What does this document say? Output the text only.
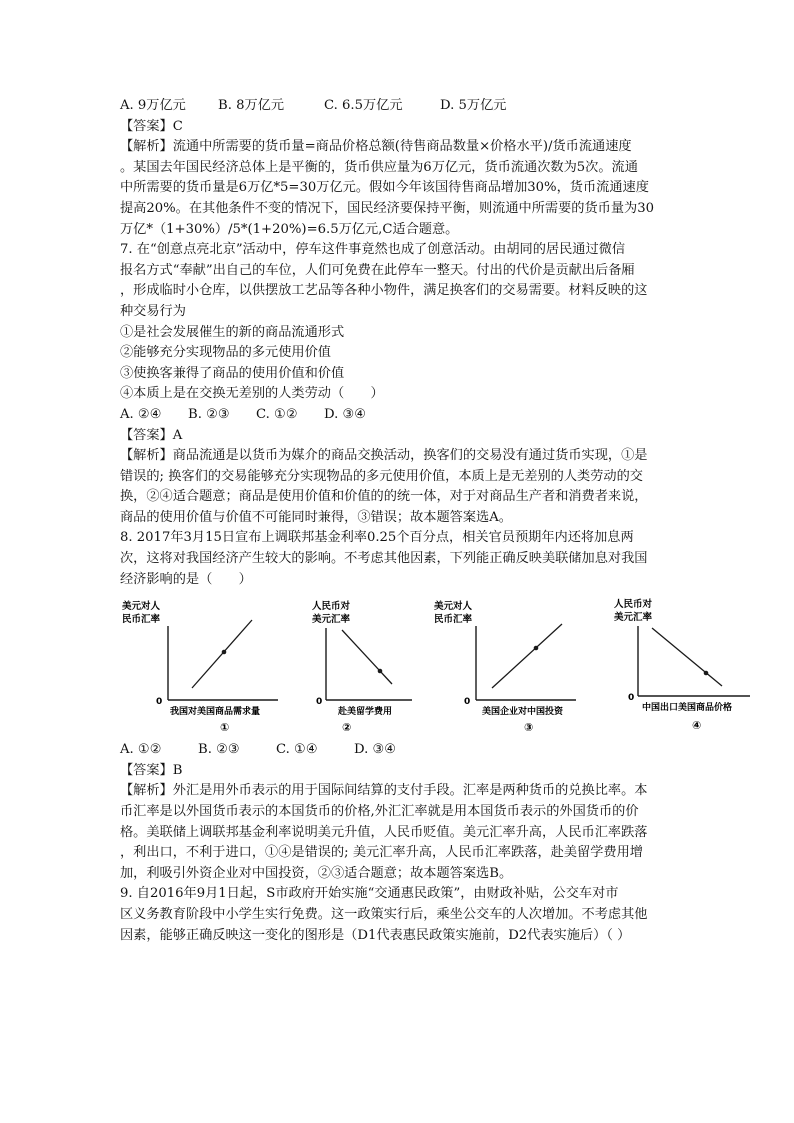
A. 9万亿元 B. 8万亿元	C. 6.5万亿元	D. 5万亿元
【答案】C
【解析】流通中所需要的货币量=商品价格总额(待售商品数量×价格水平)/货币流通速度
。某国去年国民经济总体上是平衡的，货币供应量为6万亿元，货币流通次数为5次。流通
中所需要的货币量是6万亿*5=30万亿元。假如今年该国待售商品增加30%，货币流通速度
提高20%。在其他条件不变的情况下，国民经济要保持平衡，则流通中所需要的货币量为30
万亿*（1+30%）/5*(1+20%)=6.5万亿元,C适合题意。
7. 在“创意点亮北京”活动中，停车这件事竟然也成了创意活动。由胡同的居民通过微信
报名方式“奉献”出自己的车位，人们可免费在此停车一整天。付出的代价是贡献出后备厢
，形成临时小仓库，以供摆放工艺品等各种小物件，满足换客们的交易需要。材料反映的这
种交易行为
①是社会发展催生的新的商品流通形式
②能够充分实现物品的多元使用价值
③使换客兼得了商品的使用价值和价值
④本质上是在交换无差别的人类劳动（　　）
A. ②④ B. ②③ C. ①② D. ③④
【答案】A
【解析】商品流通是以货币为媒介的商品交换活动，换客们的交易没有通过货币实现，①是
错误的; 换客们的交易能够充分实现物品的多元使用价值，本质上是无差别的人类劳动的交
换，②④适合题意；商品是使用价值和价值的的统一体，对于对商品生产者和消费者来说，
商品的使用价值与价值不可能同时兼得，③错误；故本题答案选A。
8. 2017年3月15日宣布上调联邦基金利率0.25个百分点，相关官员预期年内还将加息两
次，这将对我国经济产生较大的影响。不考虑其他因素，下列能正确反映美联储加息对我国
经济影响的是（　　）
美元对人
民币汇率
0
我国对美国商品需求量
①
人民币对
美元汇率
0
赴美留学费用
②
美元对人
民币汇率
0
美国企业对中国投资
③
人民币对
美元汇率
0
中国出口美国商品价格
④
A. ①②	B. ②③	C. ①④	D. ③④
【答案】B
【解析】外汇是用外币表示的用于国际间结算的支付手段。汇率是两种货币的兑换比率。本
币汇率是以外国货币表示的本国货币的价格,外汇汇率就是用本国货币表示的外国货币的价
格。美联储上调联邦基金利率说明美元升值，人民币贬值。美元汇率升高，人民币汇率跌落
，利出口，不利于进口，①④是错误的; 美元汇率升高，人民币汇率跌落，赴美留学费用增
加，利吸引外资企业对中国投资，②③适合题意；故本题答案选B。
9. 自2016年9月1日起，S市政府开始实施“交通惠民政策”，由财政补贴，公交车对市
区义务教育阶段中小学生实行免费。这一政策实行后，乘坐公交车的人次增加。不考虑其他
因素，能够正确反映这一变化的图形是（D1代表惠民政策实施前，D2代表实施后）（ ）
